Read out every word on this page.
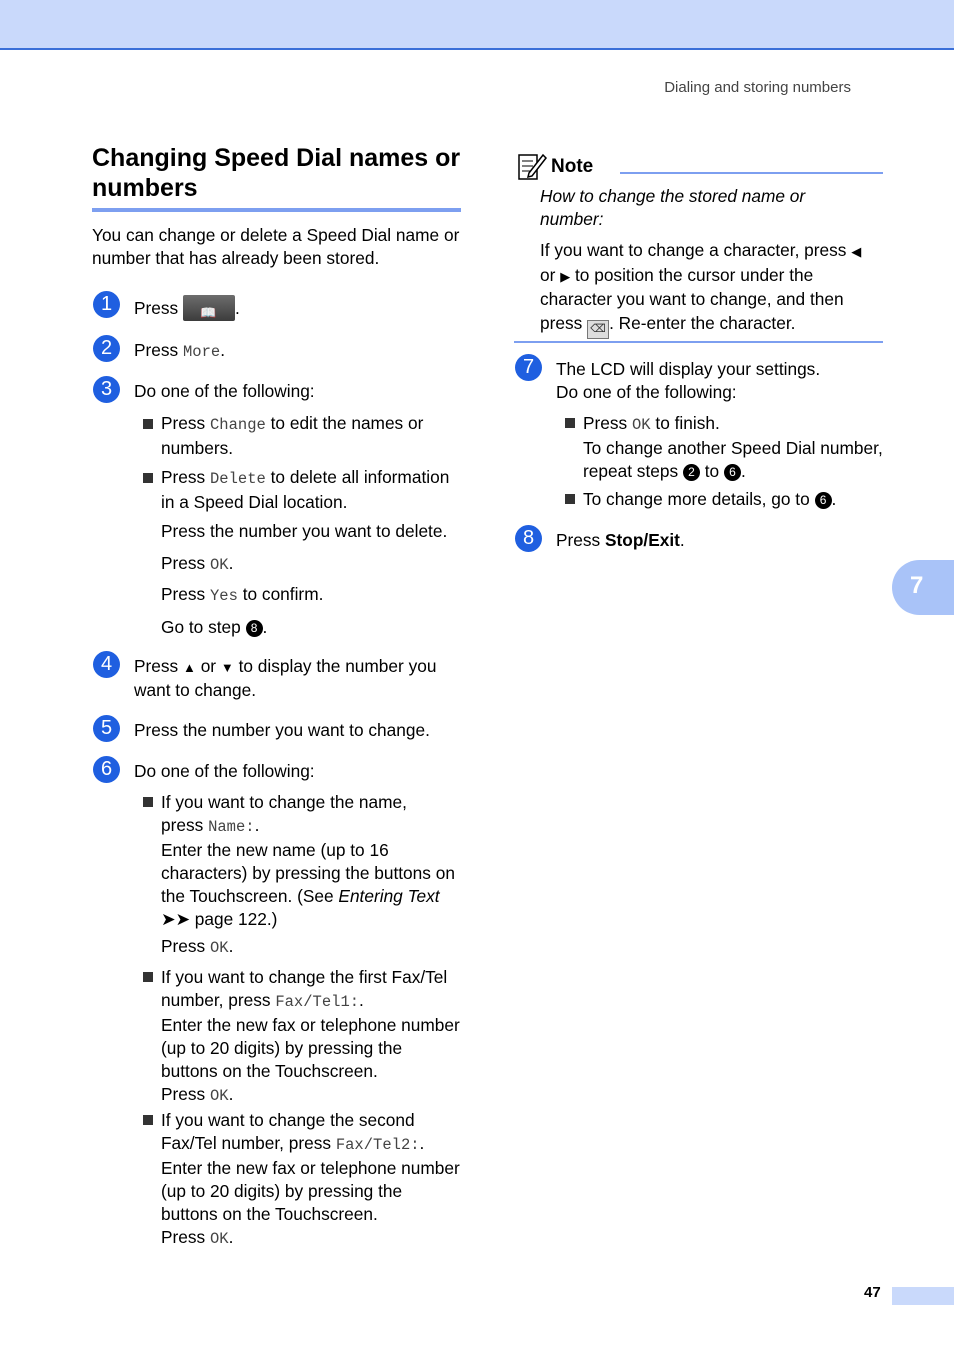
Dialing and storing numbers
Changing Speed Dial names or numbers
You can change or delete a Speed Dial name or number that has already been stored.
1	Press 📖 .
2	Press More.
3	Do one of the following:
Press Change to edit the names or numbers.
Press Delete to delete all information in a Speed Dial location.
Press the number you want to delete.
Press OK.
Press Yes to confirm.
Go to step 8 .
4	Press ▲ or ▼ to display the number you want to change.
5	Press the number you want to change.
6	Do one of the following:
If you want to change the name,
press Name:.
Enter the new name (up to 16 characters) by pressing the buttons on the Touchscreen. (See Entering Text ➤➤ page 122.)
Press OK.
If you want to change the first Fax/Tel number, press Fax/Tel1:.
Enter the new fax or telephone number (up to 20 digits) by pressing the buttons on the Touchscreen.
Press OK.
If you want to change the second Fax/Tel number, press Fax/Tel2:.
Enter the new fax or telephone number (up to 20 digits) by pressing the buttons on the Touchscreen.
Press OK.
Note
How to change the stored name or number:
If you want to change a character, press ◀ or ▶ to position the cursor under the character you want to change, and then press ⌫ . Re-enter the character.
7	The LCD will display your settings.
Do one of the following:
Press OK to finish.
To change another Speed Dial number, repeat steps 2 to 6 .
To change more details, go to 6 .
8	Press Stop/Exit.
7
47
